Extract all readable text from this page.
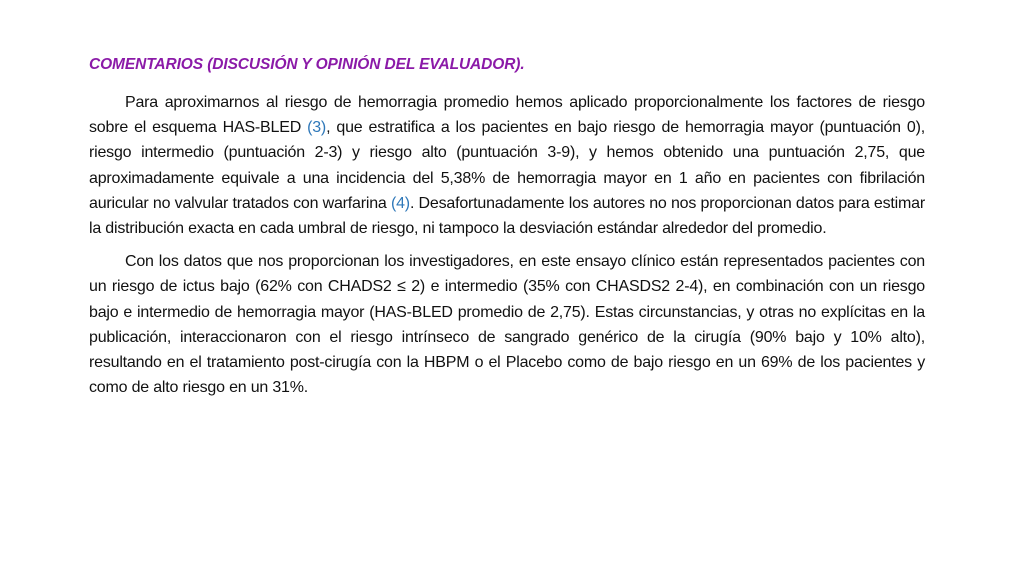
COMENTARIOS (DISCUSIÓN Y OPINIÓN DEL EVALUADOR).

Para aproximarnos al riesgo de hemorragia promedio hemos aplicado proporcionalmente los factores de riesgo sobre el esquema HAS-BLED (3), que estratifica a los pacientes en bajo riesgo de hemorragia mayor (puntuación 0), riesgo intermedio (puntuación 2-3) y riesgo alto (puntuación 3-9), y hemos obtenido una puntuación 2,75, que aproximadamente equivale a una incidencia del 5,38% de hemorragia mayor en 1 año en pacientes con fibrilación auricular no valvular tratados con warfarina (4). Desafortunadamente los autores no nos proporcionan datos para estimar la distribución exacta en cada umbral de riesgo, ni tampoco la desviación estándar alrededor del promedio.

Con los datos que nos proporcionan los investigadores, en este ensayo clínico están representados pacientes con un riesgo de ictus bajo (62% con CHADS2 ≤ 2) e intermedio (35% con CHASDS2 2-4), en combinación con un riesgo bajo e intermedio de hemorragia mayor (HAS-BLED promedio de 2,75). Estas circunstancias, y otras no explícitas en la publicación, interaccionaron con el riesgo intrínseco de sangrado genérico de la cirugía (90% bajo y 10% alto), resultando en el tratamiento post-cirugía con la HBPM o el Placebo como de bajo riesgo en un 69% de los pacientes y como de alto riesgo en un 31%.
